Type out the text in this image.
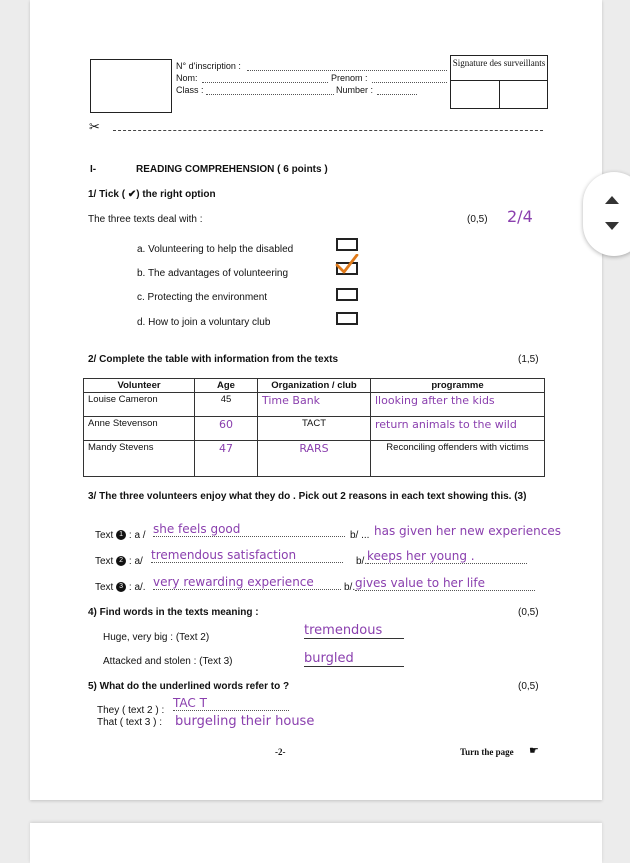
N° d'inscription :
Nom:	Prenom :
Class :	Number :
Signature des surveillants
✂
I-	READING COMPREHENSION ( 6 points )
1/ Tick ( ✔) the right option
The three texts deal with :	(0,5) 2/4
a. Volunteering to help the disabled
b. The advantages of volunteering
c. Protecting the environment
d. How to join a voluntary club
2/ Complete the table with information from the texts	(1,5)
Volunteer	Age	Organization / club	programme
Louise Cameron	45	Time Bank	llooking after the kids
Anne Stevenson	60	TACT	return animals to the wild
Mandy Stevens	47	RARS	Reconciling offenders with victims
3/ The three volunteers enjoy what they do . Pick out 2 reasons in each text showing this. (3)
Text 1 : a / she feels good	b/ ... has given her new experiences
Text 2 : a/ tremendous satisfaction	b/. keeps her young .
Text 3 : a/. very rewarding experience	b/. gives value to her life
4) Find words in the texts meaning :	(0,5)
Huge, very big : (Text 2)	tremendous
Attacked and stolen : (Text 3)	burgled
5) What do the underlined words refer to ?	(0,5)
They ( text 2 ) :
TAC T
That ( text 3 ) : burgeling their house
-2-	Turn the page ☛
